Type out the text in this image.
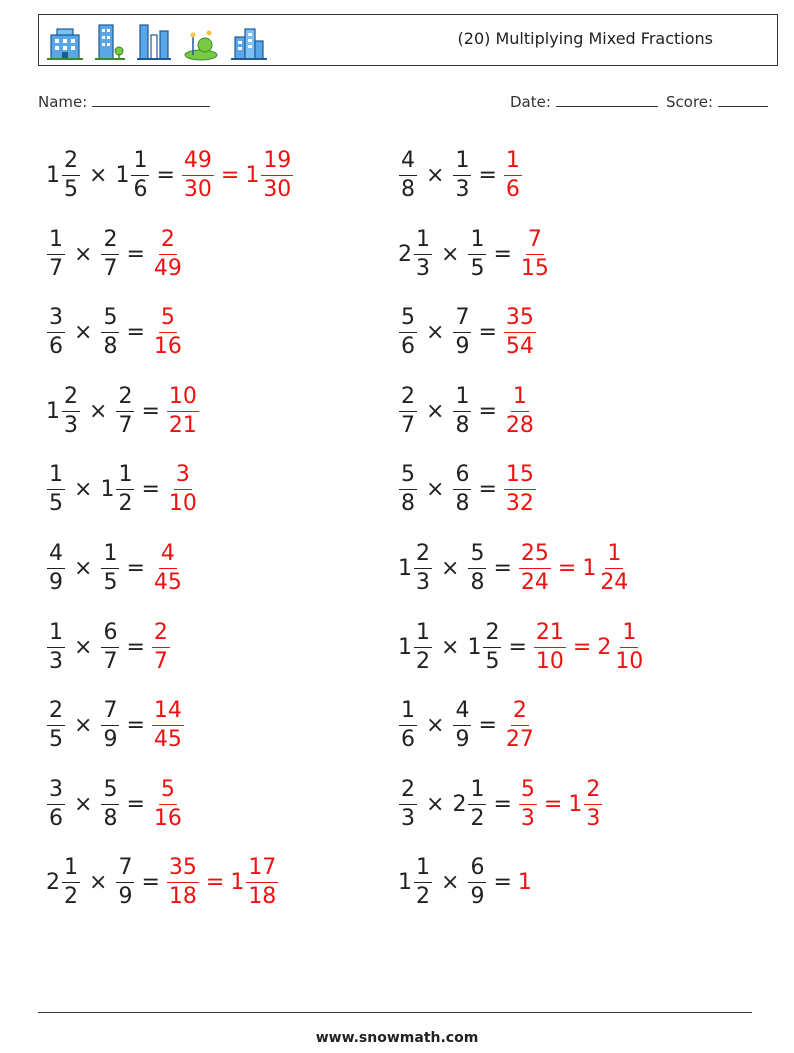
(20) Multiplying Mixed Fractions
Name:	Date:	Score:
$1 \frac{2}{5} \times 1 \frac{1}{6} = \frac{49}{30} = 1 \frac{19}{30}$	$\frac{4}{8} \times \frac{1}{3} = \frac{1}{6}$
$\frac{1}{7} \times \frac{2}{7} = \frac{2}{49}$	$2 \frac{1}{3} \times \frac{1}{5} = \frac{7}{15}$
$\frac{3}{6} \times \frac{5}{8} = \frac{5}{16}$	$\frac{5}{6} \times \frac{7}{9} = \frac{35}{54}$
$1 \frac{2}{3} \times \frac{2}{7} = \frac{10}{21}$	$\frac{2}{7} \times \frac{1}{8} = \frac{1}{28}$
$\frac{1}{5} \times 1 \frac{1}{2} = \frac{3}{10}$	$\frac{5}{8} \times \frac{6}{8} = \frac{15}{32}$
$\frac{4}{9} \times \frac{1}{5} = \frac{4}{45}$	$1 \frac{2}{3} \times \frac{5}{8} = \frac{25}{24} = 1 \frac{1}{24}$
$\frac{1}{3} \times \frac{6}{7} = \frac{2}{7}$	$1 \frac{1}{2} \times 1 \frac{2}{5} = \frac{21}{10} = 2 \frac{1}{10}$
$\frac{2}{5} \times \frac{7}{9} = \frac{14}{45}$	$\frac{1}{6} \times \frac{4}{9} = \frac{2}{27}$
$\frac{3}{6} \times \frac{5}{8} = \frac{5}{16}$	$\frac{2}{3} \times 2 \frac{1}{2} = \frac{5}{3} = 1 \frac{2}{3}$
$2 \frac{1}{2} \times \frac{7}{9} = \frac{35}{18} = 1 \frac{17}{18}$	$1 \frac{1}{2} \times \frac{6}{9} = 1$
www.snowmath.com
